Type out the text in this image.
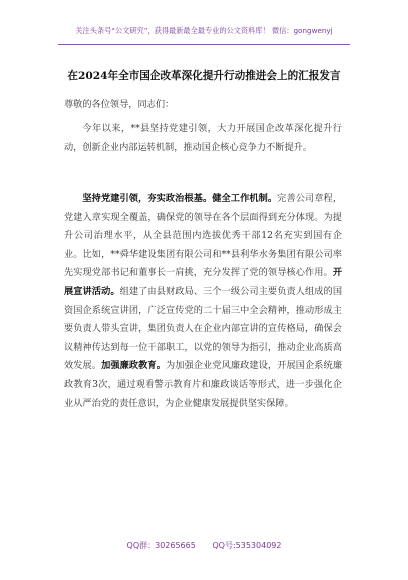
关注头条号“公文研究”，获得最新最全最专业的公文资料库！ 微信：gongwenyj
在2024年全市国企改革深化提升行动推进会上的汇报发言
尊敬的各位领导，同志们：

今年以来，**县坚持党建引领，大力开展国企改革深化提升行动，创新企业内部运转机制，推动国企核心竞争力不断提升。

坚持党建引领，夯实政治根基。健全工作机制。完善公司章程，党建入章实现全覆盖，确保党的领导在各个层面得到充分体现。为提升公司治理水平，从全县范围内选拔优秀干部12名充实到国有企业。比如，**舜华建设集团有限公司和**县利华水务集团有限公司率先实现党部书记和董事长一肩挑，充分发挥了党的领导核心作用。开展宣讲活动。组建了由县财政局、三个一级公司主要负责人组成的国资国企系统宣讲团，广泛宣传党的二十届三中全会精神，推动形成主要负责人带头宣讲，集团负责人在企业内部宣讲的宣传格局，确保会议精神传达到每一位干部职工，以党的领导为指引，推动企业高质高效发展。加强廉政教育。为加强企业党风廉政建设，开展国企系统廉政教育3次，通过观看警示教育片和廉政谈话等形式，进一步强化企业从严治党的责任意识，为企业健康发展提供坚实保障。

QQ群：30265665 QQ号:535304092
